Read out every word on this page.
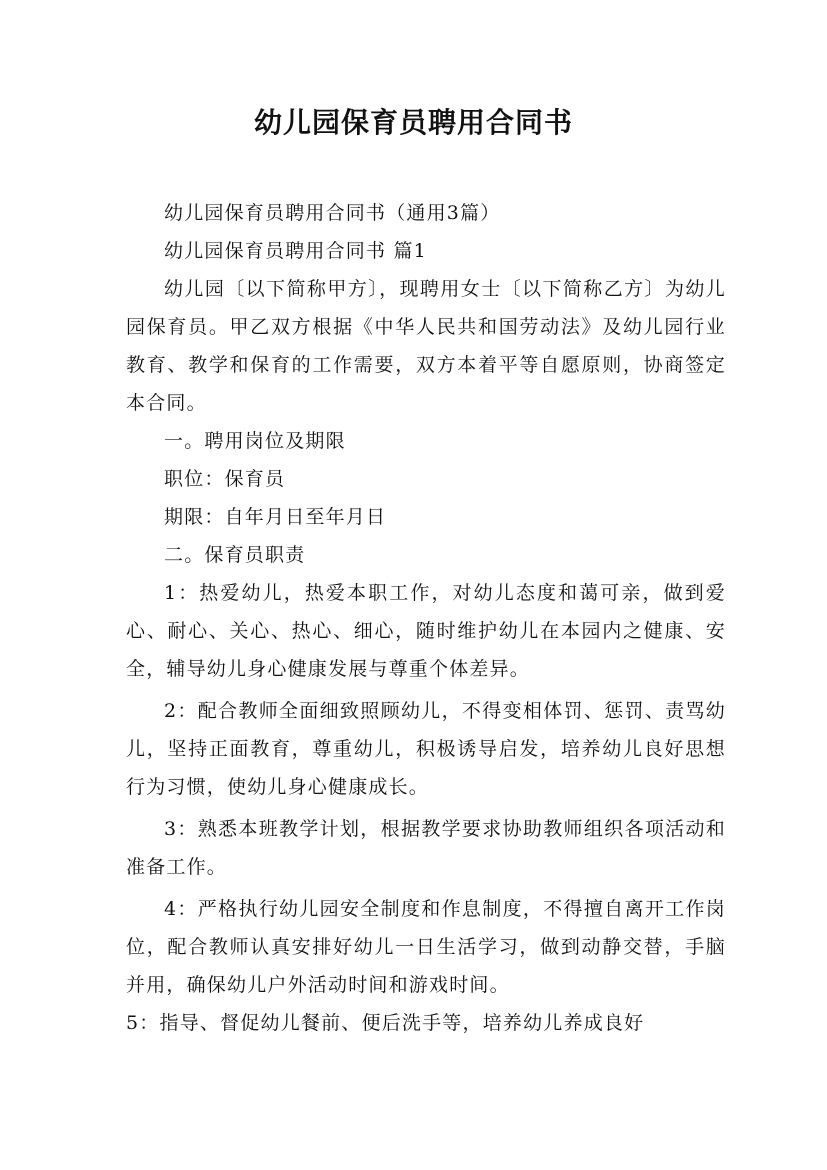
幼儿园保育员聘用合同书

幼儿园保育员聘用合同书（通用3篇）

幼儿园保育员聘用合同书 篇1

幼儿园〔以下简称甲方〕，现聘用女士〔以下简称乙方〕为幼儿园保育员。甲乙双方根据《中华人民共和国劳动法》及幼儿园行业教育、教学和保育的工作需要，双方本着平等自愿原则，协商签定本合同。

一。聘用岗位及期限

职位：保育员

期限：自年月日至年月日

二。保育员职责

1：热爱幼儿，热爱本职工作，对幼儿态度和蔼可亲，做到爱心、耐心、关心、热心、细心，随时维护幼儿在本园内之健康、安全，辅导幼儿身心健康发展与尊重个体差异。

2：配合教师全面细致照顾幼儿，不得变相体罚、惩罚、责骂幼儿，坚持正面教育，尊重幼儿，积极诱导启发，培养幼儿良好思想行为习惯，使幼儿身心健康成长。

3：熟悉本班教学计划，根据教学要求协助教师组织各项活动和准备工作。

4：严格执行幼儿园安全制度和作息制度，不得擅自离开工作岗位，配合教师认真安排好幼儿一日生活学习，做到动静交替，手脑并用，确保幼儿户外活动时间和游戏时间。

5：指导、督促幼儿餐前、便后洗手等，培养幼儿养成良好
